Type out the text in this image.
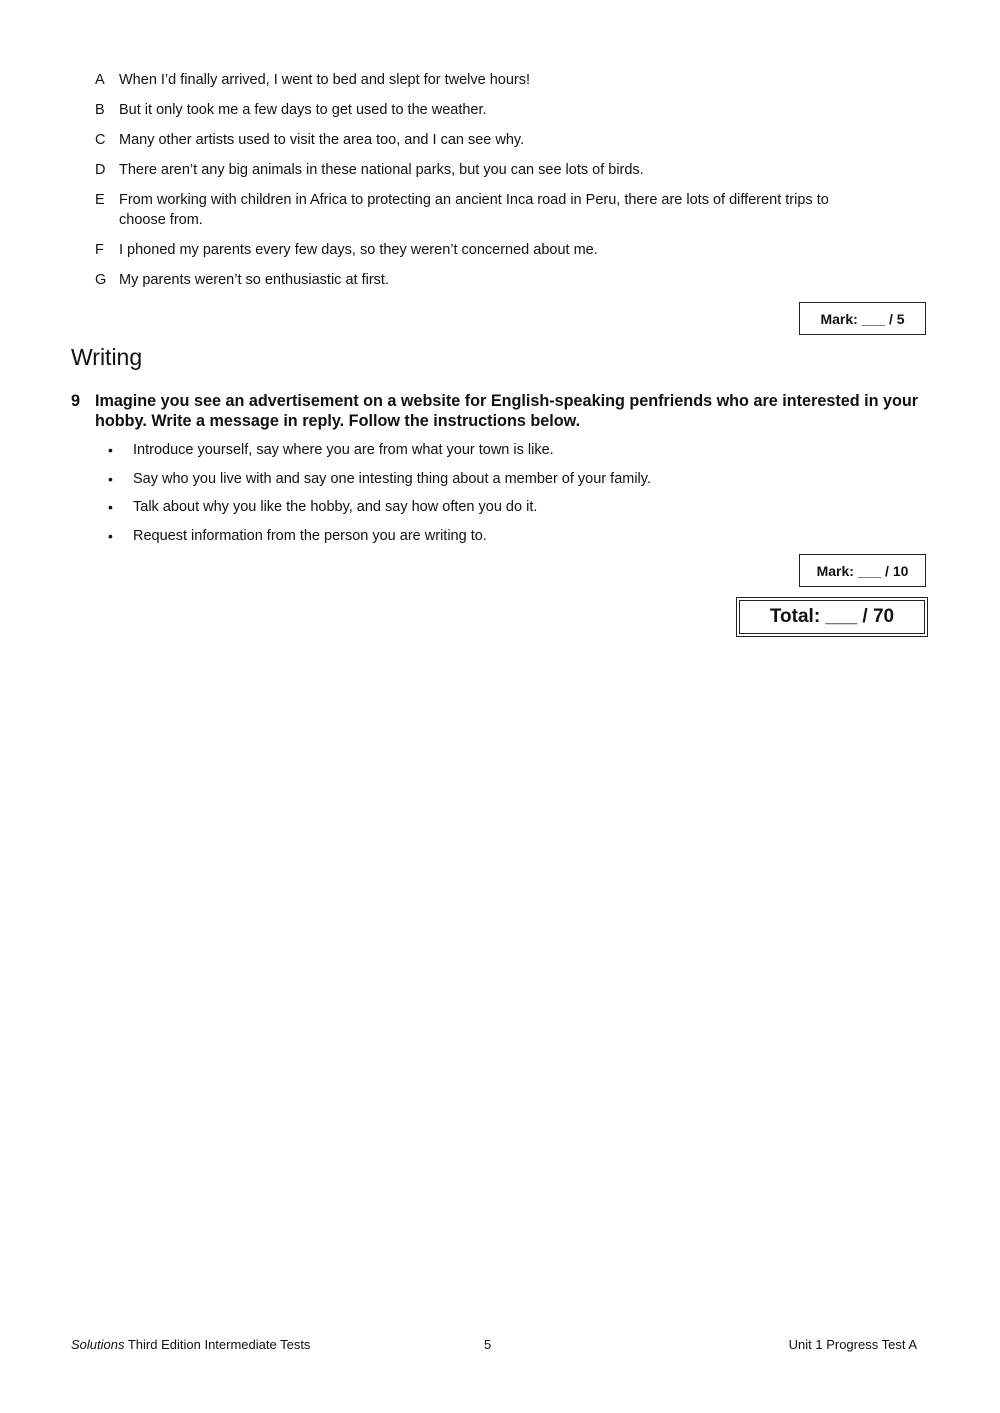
A When I’d finally arrived, I went to bed and slept for twelve hours!
B But it only took me a few days to get used to the weather.
C Many other artists used to visit the area too, and I can see why.
D There aren’t any big animals in these national parks, but you can see lots of birds.
E From working with children in Africa to protecting an ancient Inca road in Peru, there are lots of different trips to choose from.
F	I phoned my parents every few days, so they weren’t concerned about me.
G My parents weren’t so enthusiastic at first.
Mark: ___ / 5
Writing
9 Imagine you see an advertisement on a website for English-speaking penfriends who are interested in your hobby. Write a message in reply. Follow the instructions below.
•	Introduce yourself, say where you are from what your town is like.
•	Say who you live with and say one intesting thing about a member of your family.
•	Talk about why you like the hobby, and say how often you do it.
•	Request information from the person you are writing to.
Mark: ___ / 10
Total: ___ / 70
Solutions Third Edition Intermediate Tests	5	Unit 1 Progress Test A
